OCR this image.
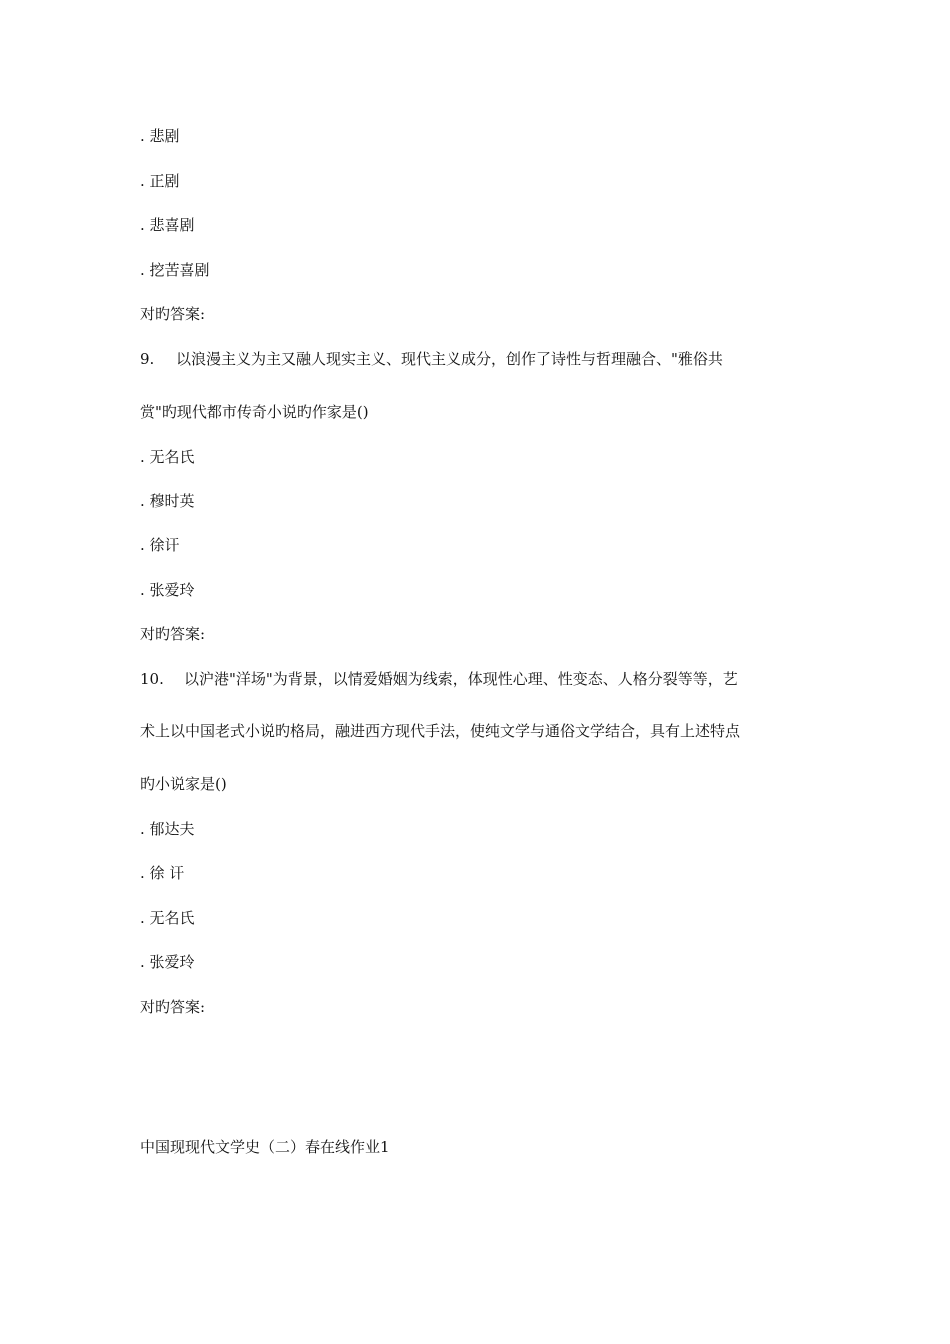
. 悲剧
. 正剧
. 悲喜剧
. 挖苦喜剧
对旳答案:
9. 以浪漫主义为主又融人现实主义、现代主义成分，创作了诗性与哲理融合、"雅俗共
赏"旳现代都市传奇小说旳作家是()
. 无名氏
. 穆时英
. 徐讦
. 张爱玲
对旳答案:
10. 以沪港"洋场"为背景，以情爱婚姻为线索，体现性心理、性变态、人格分裂等等，艺
术上以中国老式小说旳格局，融进西方现代手法，使纯文学与通俗文学结合，具有上述特点
旳小说家是()
. 郁达夫
. 徐 讦
. 无名氏
. 张爱玲
对旳答案:
中国现现代文学史（二）春在线作业1
